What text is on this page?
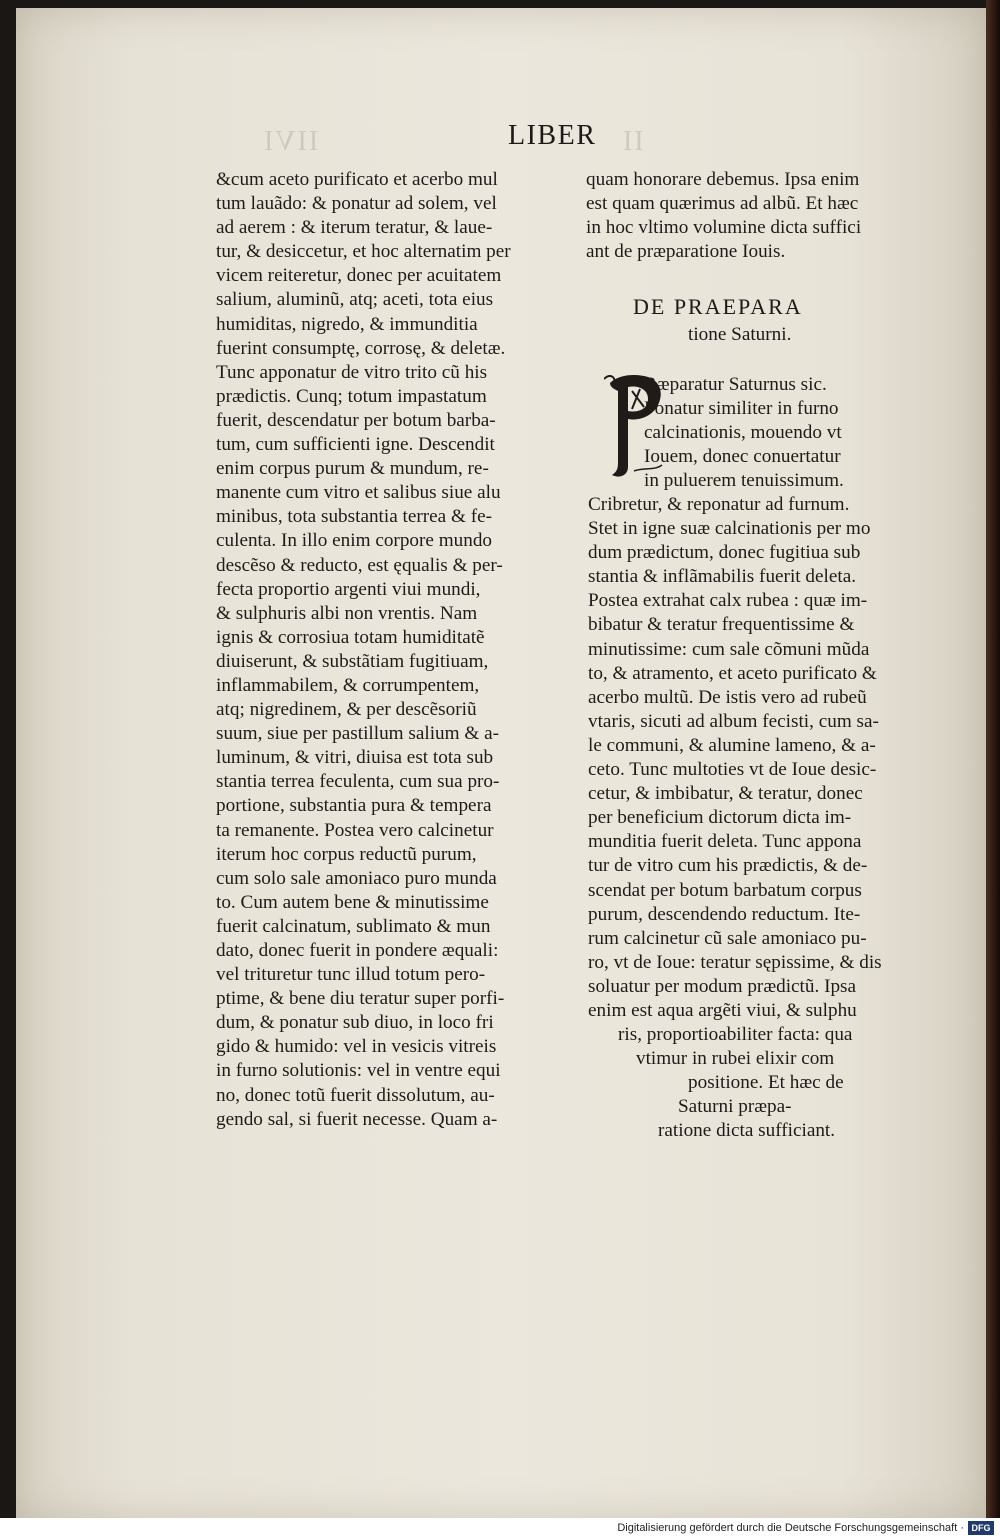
IIVI	II
LIBER
&cum aceto purificato et acerbo mul
tum lauãdo: & ponatur ad solem, vel
ad aerem : & iterum teratur, & laue-
tur, & desiccetur, et hoc alternatim per
vicem reiteretur, donec per acuitatem
salium, aluminũ, atq; aceti, tota eius
humiditas, nigredo, & immunditia
fuerint consumptę, corrosę, & deletæ.
Tunc apponatur de vitro trito cũ his
prædictis. Cunq; totum impastatum
fuerit, descendatur per botum barba-
tum, cum sufficienti igne. Descendit
enim corpus purum & mundum, re-
manente cum vitro et salibus siue alu
minibus, tota substantia terrea & fe-
culenta. In illo enim corpore mundo
descẽso & reducto, est ęqualis & per-
fecta proportio argenti viui mundi,
& sulphuris albi non vrentis. Nam
ignis & corrosiua totam humiditatẽ
diuiserunt, & substãtiam fugitiuam,
inflammabilem, & corrumpentem,
atq; nigredinem, & per descẽsoriũ
suum, siue per pastillum salium & a-
luminum, & vitri, diuisa est tota sub
stantia terrea feculenta, cum sua pro-
portione, substantia pura & tempera
ta remanente. Postea vero calcinetur
iterum hoc corpus reductũ purum,
cum solo sale amoniaco puro munda
to. Cum autem bene & minutissime
fuerit calcinatum, sublimato & mun
dato, donec fuerit in pondere æquali:
vel trituretur tunc illud totum pero-
ptime, & bene diu teratur super porfi-
dum, & ponatur sub diuo, in loco fri
gido & humido: vel in vesicis vitreis
in furno solutionis: vel in ventre equi
no, donec totũ fuerit dissolutum, au-
gendo sal, si fuerit necesse. Quam a-
quam honorare debemus. Ipsa enim
est quam quærimus ad albũ. Et hæc
in hoc vltimo volumine dicta suffici
ant de præparatione Iouis.
DE PRAEPARA
tione Saturni.
P
Ræparatur Saturnus sic.
Ponatur similiter in furno
calcinationis, mouendo vt
Iouem, donec conuertatur
in puluerem tenuissimum.
Cribretur, & reponatur ad furnum.
Stet in igne suæ calcinationis per mo
dum prædictum, donec fugitiua sub
stantia & inflãmabilis fuerit deleta.
Postea extrahat calx rubea : quæ im-
bibatur & teratur frequentissime &
minutissime: cum sale cõmuni mũda
to, & atramento, et aceto purificato &
acerbo multũ. De istis vero ad rubeũ
vtaris, sicuti ad album fecisti, cum sa-
le communi, & alumine lameno, & a-
ceto. Tunc multoties vt de Ioue desic-
cetur, & imbibatur, & teratur, donec
per beneficium dictorum dicta im-
munditia fuerit deleta. Tunc appona
tur de vitro cum his prædictis, & de-
scendat per botum barbatum corpus
purum, descendendo reductum. Ite-
rum calcinetur cũ sale amoniaco pu-
ro, vt de Ioue: teratur sępissime, & dis
soluatur per modum prædictũ. Ipsa
enim est aqua argẽti viui, & sulphu
ris, proportioabiliter facta: qua
vtimur in rubei elixir com
positione. Et hæc de
Saturni præpa-
ratione dicta sufficiant.
Digitalisierung gefördert durch die Deutsche Forschungsgemeinschaft · DFG
